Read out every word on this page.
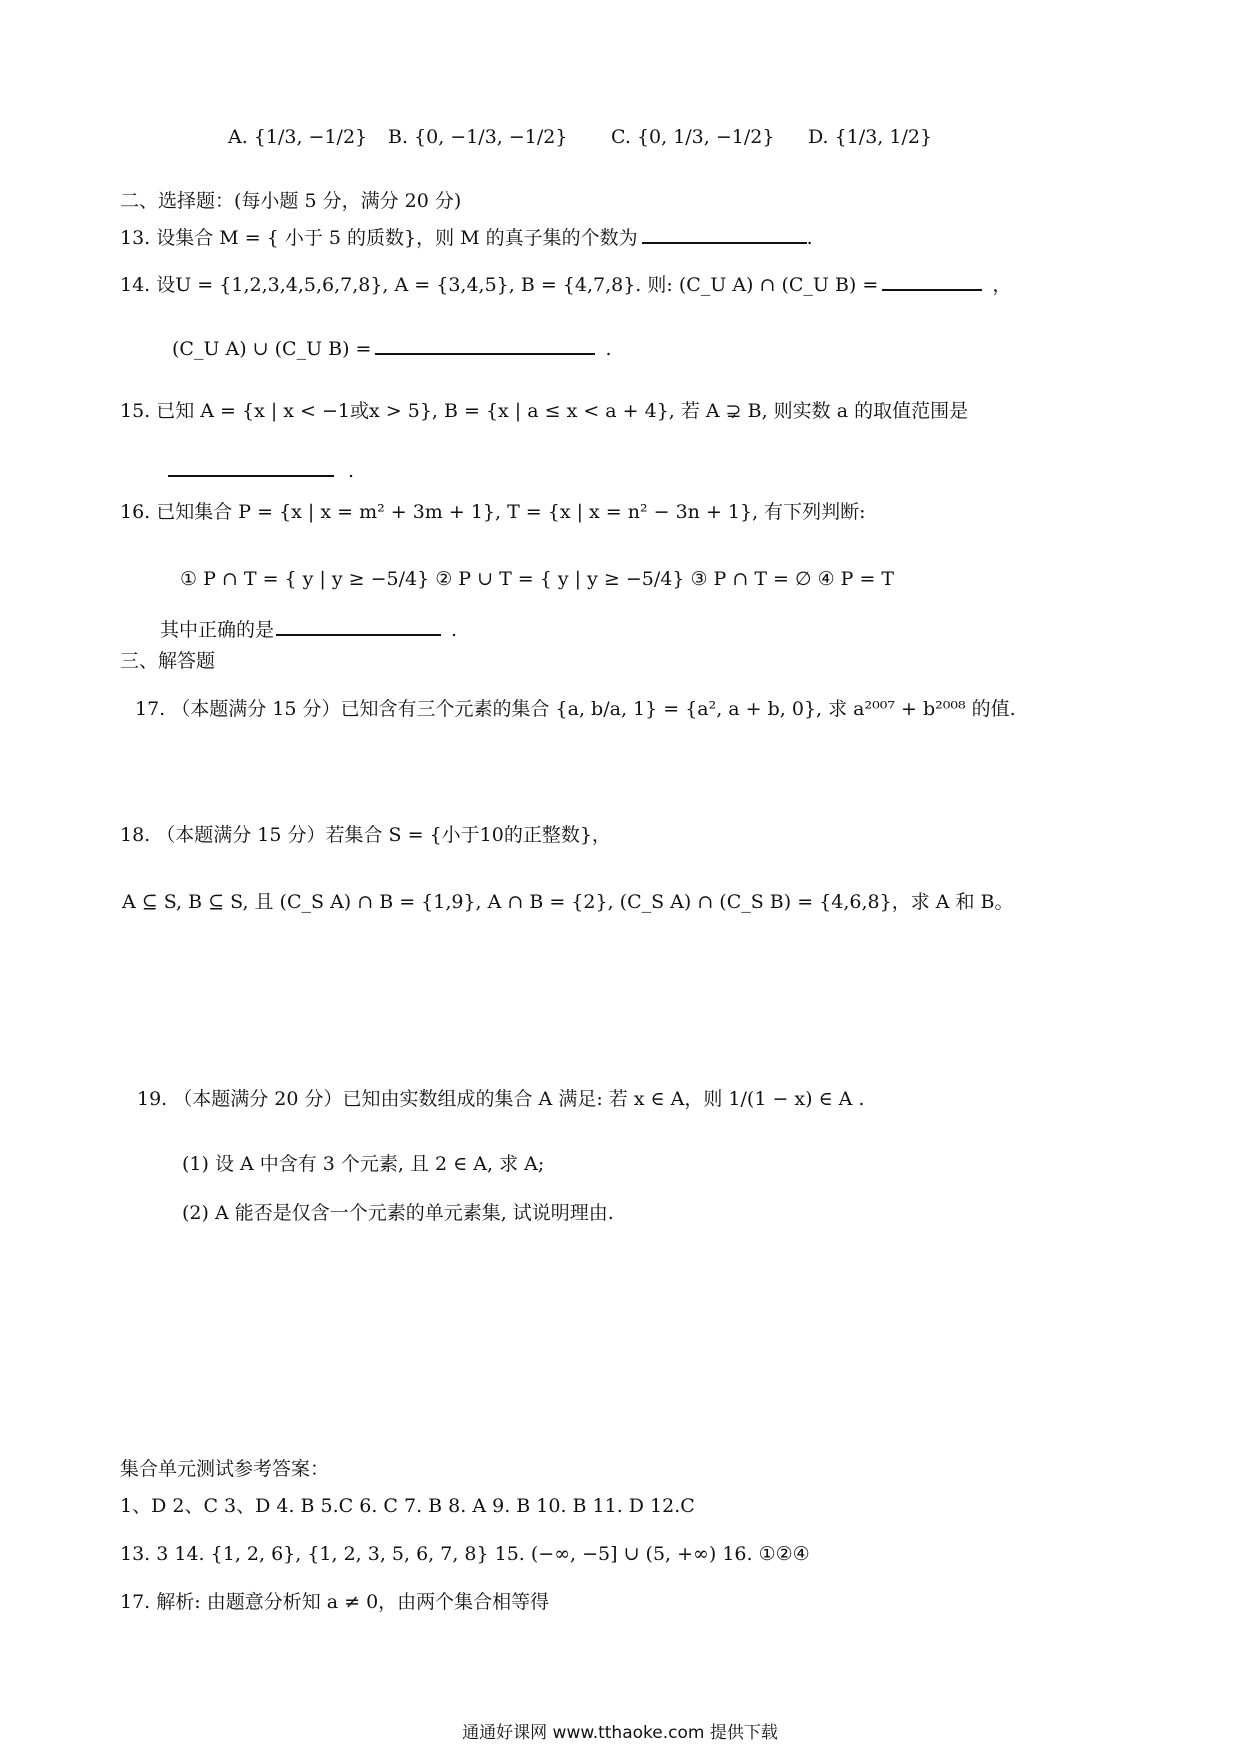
A. {1/3, −1/2} B. {0, −1/3, −1/2} C. {0, 1/3, −1/2} D. {1/3, 1/2}
二、选择题：(每小题 5 分，满分 20 分)
13. 设集合 M = { 小于 5 的质数}，则 M 的真子集的个数为	.
14. 设U = {1,2,3,4,5,6,7,8}, A = {3,4,5}, B = {4,7,8}. 则: (C_U A) ∩ (C_U B) =	，
(C_U A) ∪ (C_U B) =	.
15. 已知 A = {x | x < −1或x > 5}, B = {x | a ≤ x < a + 4}, 若 A ⊋ B, 则实数 a 的取值范围是
.
16. 已知集合 P = {x | x = m² + 3m + 1}, T = {x | x = n² − 3n + 1}, 有下列判断:
① P ∩ T = { y | y ≥ −5/4} ② P ∪ T = { y | y ≥ −5/4} ③ P ∩ T = ∅ ④ P = T
其中正确的是	.
三、解答题
17. （本题满分 15 分）已知含有三个元素的集合 {a, b/a, 1} = {a², a + b, 0}, 求 a²⁰⁰⁷ + b²⁰⁰⁸ 的值.
18. （本题满分 15 分）若集合 S = {小于10的正整数}，
A ⊆ S, B ⊆ S, 且 (C_S A) ∩ B = {1,9}, A ∩ B = {2}, (C_S A) ∩ (C_S B) = {4,6,8}，求 A 和 B。
19. （本题满分 20 分）已知由实数组成的集合 A 满足: 若 x ∈ A，则 1/(1 − x) ∈ A .
(1) 设 A 中含有 3 个元素, 且 2 ∈ A, 求 A;
(2) A 能否是仅含一个元素的单元素集, 试说明理由.
集合单元测试参考答案：
1、D 2、C 3、D 4. B 5.C 6. C 7. B 8. A 9. B 10. B 11. D 12.C
13. 3 14. {1, 2, 6}, {1, 2, 3, 5, 6, 7, 8} 15. (−∞, −5] ∪ (5, +∞) 16. ①②④
17. 解析: 由题意分析知 a ≠ 0，由两个集合相等得
通通好课网 www.tthaoke.com 提供下载
